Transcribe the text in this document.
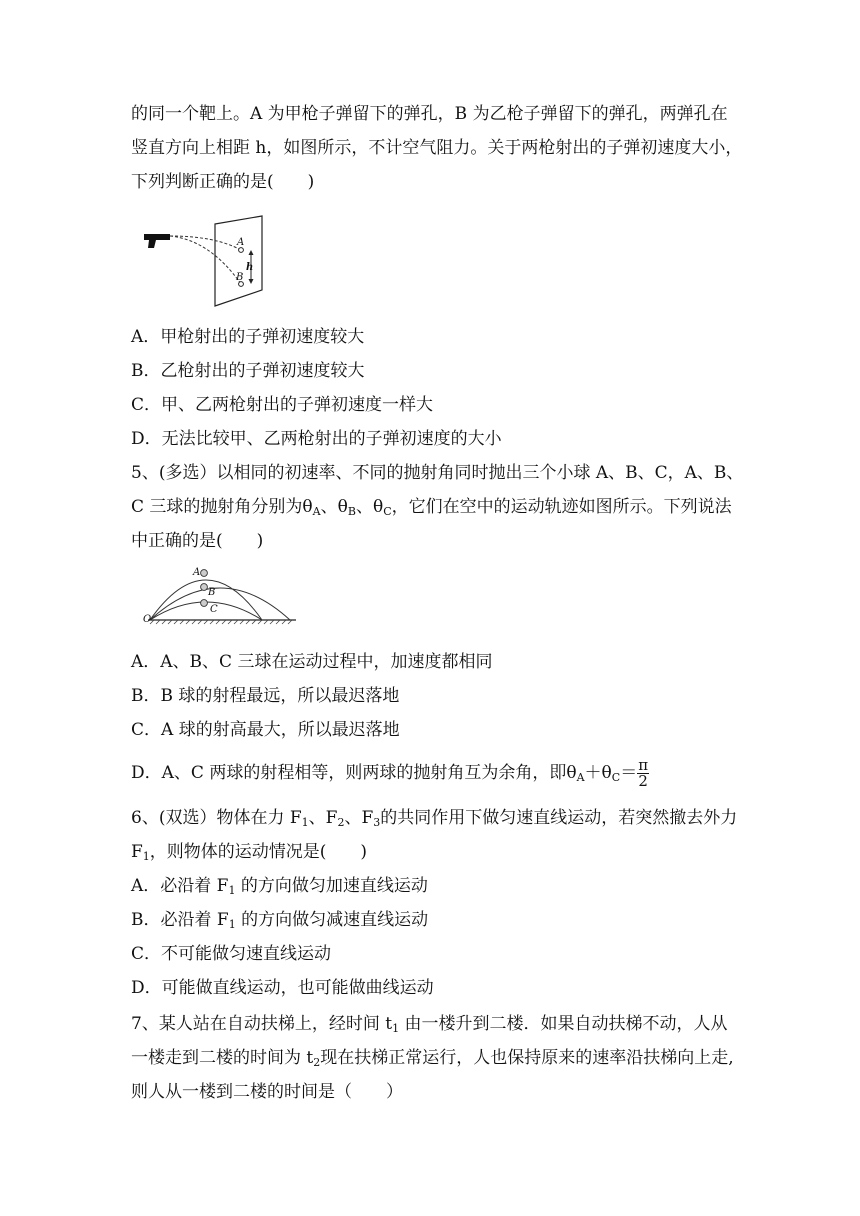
的同一个靶上。A 为甲枪子弹留下的弹孔，B 为乙枪子弹留下的弹孔，两弹孔在
竖直方向上相距 h，如图所示，不计空气阻力。关于两枪射出的子弹初速度大小，
下列判断正确的是(　　)
A
B
h
A．甲枪射出的子弹初速度较大
B．乙枪射出的子弹初速度较大
C．甲、乙两枪射出的子弹初速度一样大
D．无法比较甲、乙两枪射出的子弹初速度的大小
5、(多选）以相同的初速率、不同的抛射角同时抛出三个小球 A、B、C，A、B、
C 三球的抛射角分别为$\theta_A$、$\theta_B$、$\theta_C$，它们在空中的运动轨迹如图所示。下列说法
中正确的是(　　)
O
A
B
C
A．A、B、C 三球在运动过程中，加速度都相同
B．B 球的射程最远，所以最迟落地
C．A 球的射高最大，所以最迟落地
D．A、C 两球的射程相等，则两球的抛射角互为余角，即$\theta_A+\theta_C= \frac{\pi}{2}$
6、(双选）物体在力 $F_1$、$F_2$、$F_3$的共同作用下做匀速直线运动，若突然撤去外力
$F_1$，则物体的运动情况是(　　)
A．必沿着 $F_1$ 的方向做匀加速直线运动
B．必沿着 $F_1$ 的方向做匀减速直线运动
C．不可能做匀速直线运动
D．可能做直线运动，也可能做曲线运动
7、某人站在自动扶梯上，经时间 $t_1$ 由一楼升到二楼．如果自动扶梯不动，人从
一楼走到二楼的时间为 $t_2$现在扶梯正常运行，人也保持原来的速率沿扶梯向上走,
则人从一楼到二楼的时间是（　　）
